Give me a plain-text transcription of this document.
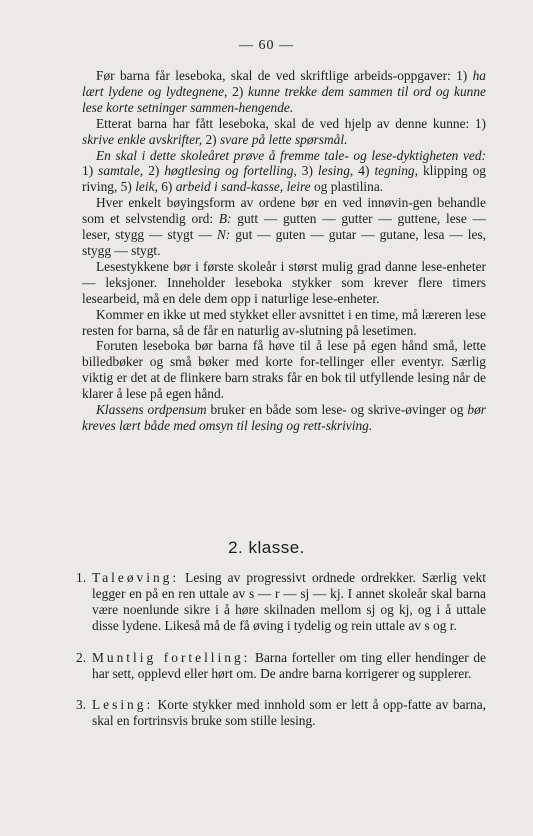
— 60 —

Før barna får leseboka, skal de ved skriftlige arbeids-oppgaver: 1) ha lært lydene og lydtegnene, 2) kunne trekke dem sammen til ord og kunne lese korte setninger sammen-hengende.

Etterat barna har fått leseboka, skal de ved hjelp av denne kunne: 1) skrive enkle avskrifter, 2) svare på lette spørsmål.

En skal i dette skoleåret prøve å fremme tale- og lese-dyktigheten ved: 1) samtale, 2) høgtlesing og fortelling, 3) lesing, 4) tegning, klipping og riving, 5) leik, 6) arbeid i sand-kasse, leire og plastilina.

Hver enkelt bøyingsform av ordene bør en ved innøvin-gen behandle som et selvstendig ord: B: gutt — gutten — gutter — guttene, lese — leser, stygg — stygt — N: gut — guten — gutar — gutane, lesa — les, stygg — stygt.

Lesestykkene bør i første skoleår i størst mulig grad danne lese-enheter — leksjoner. Inneholder leseboka stykker som krever flere timers lesearbeid, må en dele dem opp i naturlige lese-enheter.

Kommer en ikke ut med stykket eller avsnittet i en time, må læreren lese resten for barna, så de får en naturlig av-slutning på lesetimen.

Foruten leseboka bør barna få høve til å lese på egen hånd små, lette billedbøker og små bøker med korte for-tellinger eller eventyr. Særlig viktig er det at de flinkere barn straks får en bok til utfyllende lesing når de klarer å lese på egen hånd.

Klassens ordpensum bruker en både som lese- og skrive-øvinger og bør kreves lært både med omsyn til lesing og rett-skriving.

2. klasse.
1. Taleøving: Lesing av progressivt ordnede ordrekker. Særlig vekt legger en på en ren uttale av s — r — sj — kj. I annet skoleår skal barna være noenlunde sikre i å høre skilnaden mellom sj og kj, og i å uttale disse lydene. Likeså må de få øving i tydelig og rein uttale av s og r.
2. Muntlig fortelling: Barna forteller om ting eller hendinger de har sett, opplevd eller hørt om. De andre barna korrigerer og supplerer.
3. Lesing: Korte stykker med innhold som er lett å opp-fatte av barna, skal en fortrinsvis bruke som stille lesing.
